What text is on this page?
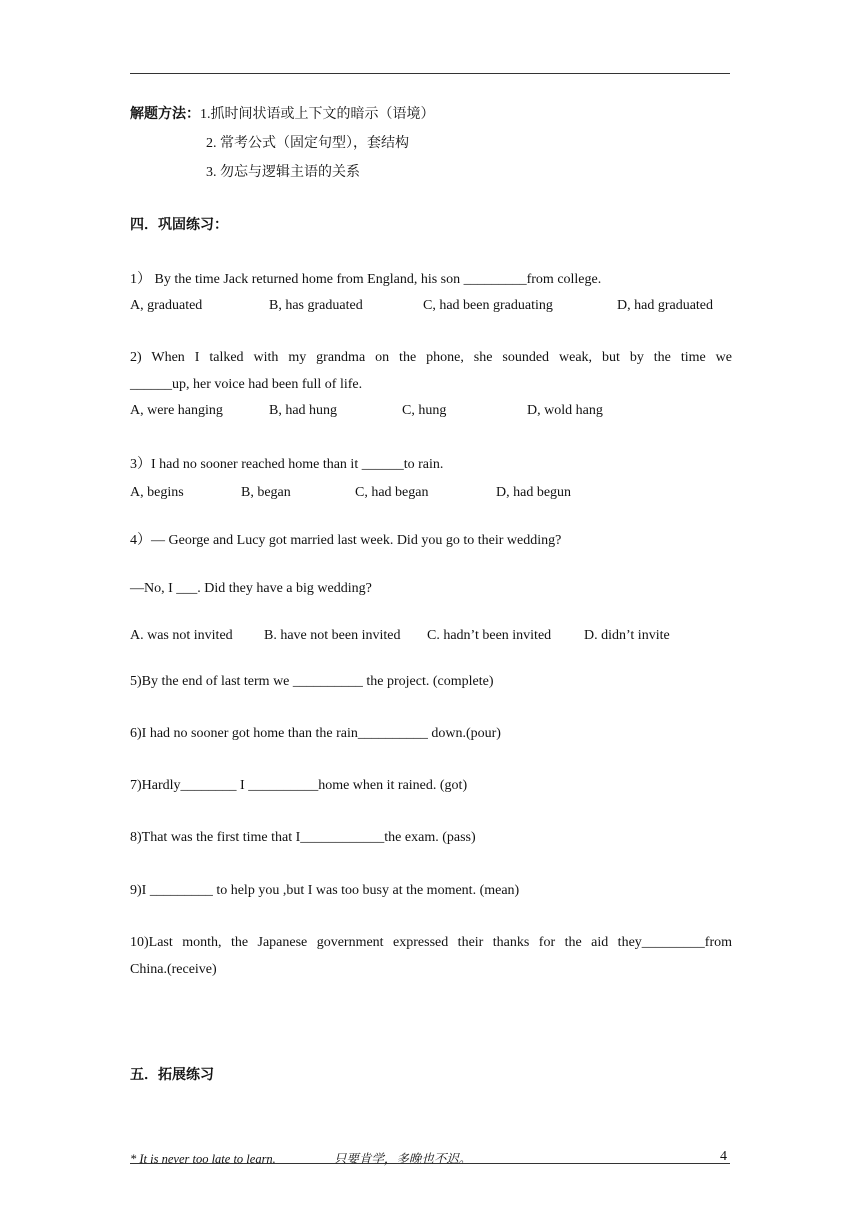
解题方法：1.抓时间状语或上下文的暗示（语境）
2. 常考公式（固定句型），套结构
3. 勿忘与逻辑主语的关系
四．巩固练习：
1） By the time Jack returned home from England, his son _________from college.
A, graduated	B, has graduated	C, had been graduating	D, had graduated
2) When I talked with my grandma on the phone, she sounded weak, but by the time we
______up, her voice had been full of life.
A, were hanging	B, had hung	C, hung	D, wold hang
3）I had no sooner reached home than it ______to rain.
A, begins	B, began	C, had began	D, had begun
4）— George and Lucy got married last week. Did you go to their wedding?
—No, I ___. Did they have a big wedding?
A. was not invited B. have not been invited C. hadn’t been invited D. didn’t invite
5)By the end of last term we __________ the project. (complete)
6)I had no sooner got home than the rain__________ down.(pour)
7)Hardly________ I __________home when it rained. (got)
8)That was the first time that I____________the exam. (pass)
9)I _________ to help you ,but I was too busy at the moment. (mean)
10)Last month, the Japanese government expressed their thanks for the aid they_________from
China.(receive)
五．拓展练习
* It is never too late to learn.	只要肯学，多晚也不迟。	4
